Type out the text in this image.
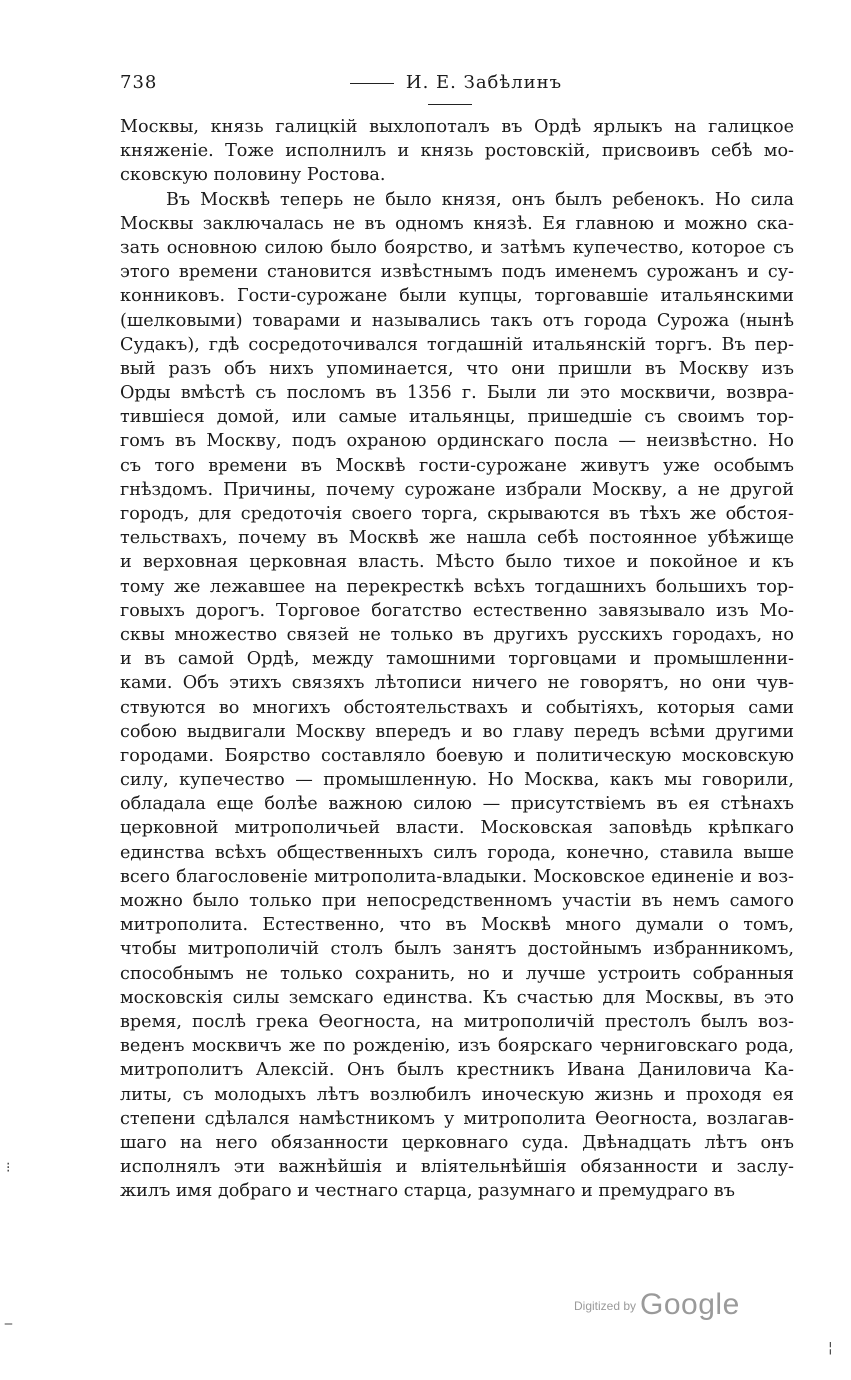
738	И. Е. Забѣлинъ
Москвы, князь галицкій выхлопоталъ въ Ордѣ ярлыкъ на галицкое
княженіе. Тоже исполнилъ и князь ростовскій, присвоивъ себѣ мо-
сковскую половину Ростова.
Въ Москвѣ теперь не было князя, онъ былъ ребенокъ. Но сила
Москвы заключалась не въ одномъ князѣ. Ея главною и можно ска-
зать основною силою было боярство, и затѣмъ купечество, которое съ
этого времени становится извѣстнымъ подъ именемъ сурожанъ и су-
конниковъ. Гости-сурожане были купцы, торговавшіе итальянскими
(шелковыми) товарами и назывались такъ отъ города Сурожа (нынѣ
Судакъ), гдѣ сосредоточивался тогдашній итальянскій торгъ. Въ пер-
вый разъ объ нихъ упоминается, что они пришли въ Москву изъ
Орды вмѣстѣ съ посломъ въ 1356 г. Были ли это москвичи, возвра-
тившіеся домой, или самые итальянцы, пришедшіе съ своимъ тор-
гомъ въ Москву, подъ охраною ординскаго посла — неизвѣстно. Но
съ того времени въ Москвѣ гости-сурожане живутъ уже особымъ
гнѣздомъ. Причины, почему сурожане избрали Москву, а не другой
городъ, для средоточія своего торга, скрываются въ тѣхъ же обстоя-
тельствахъ, почему въ Москвѣ же нашла себѣ постоянное убѣжище
и верховная церковная власть. Мѣсто было тихое и покойное и къ
тому же лежавшее на перекресткѣ всѣхъ тогдашнихъ большихъ тор-
говыхъ дорогъ. Торговое богатство естественно завязывало изъ Мо-
сквы множество связей не только въ другихъ русскихъ городахъ, но
и въ самой Ордѣ, между тамошними торговцами и промышленни-
ками. Объ этихъ связяхъ лѣтописи ничего не говорятъ, но они чув-
ствуются во многихъ обстоятельствахъ и событіяхъ, которыя сами
собою выдвигали Москву впередъ и во главу передъ всѣми другими
городами. Боярство составляло боевую и политическую московскую
силу, купечество — промышленную. Но Москва, какъ мы говорили,
обладала еще болѣе важною силою — присутствіемъ въ ея стѣнахъ
церковной митрополичьей власти. Московская заповѣдь крѣпкаго
единства всѣхъ общественныхъ силъ города, конечно, ставила выше
всего благословеніе митрополита-владыки. Московское единеніе и воз-
можно было только при непосредственномъ участіи въ немъ самого
митрополита. Естественно, что въ Москвѣ много думали о томъ,
чтобы митрополичій столъ былъ занятъ достойнымъ избранникомъ,
способнымъ не только сохранить, но и лучше устроить собранныя
московскія силы земскаго единства. Къ счастью для Москвы, въ это
время, послѣ грека Ѳеогноста, на митрополичій престолъ былъ воз-
веденъ москвичъ же по рожденію, изъ боярскаго черниговскаго рода,
митрополитъ Алексій. Онъ былъ крестникъ Ивана Даниловича Ка-
литы, съ молодыхъ лѣтъ возлюбилъ иноческую жизнь и проходя ея
степени сдѣлался намѣстникомъ у митрополита Ѳеогноста, возлагав-
шаго на него обязанности церковнаго суда. Двѣнадцать лѣтъ онъ
исполнялъ эти важнѣйшія и вліятельнѣйшія обязанности и заслу-
жилъ имя добраго и честнаго старца, разумнаго и премудраго въ
$^{Digitized by}$ Google
⁝
‒
¦
